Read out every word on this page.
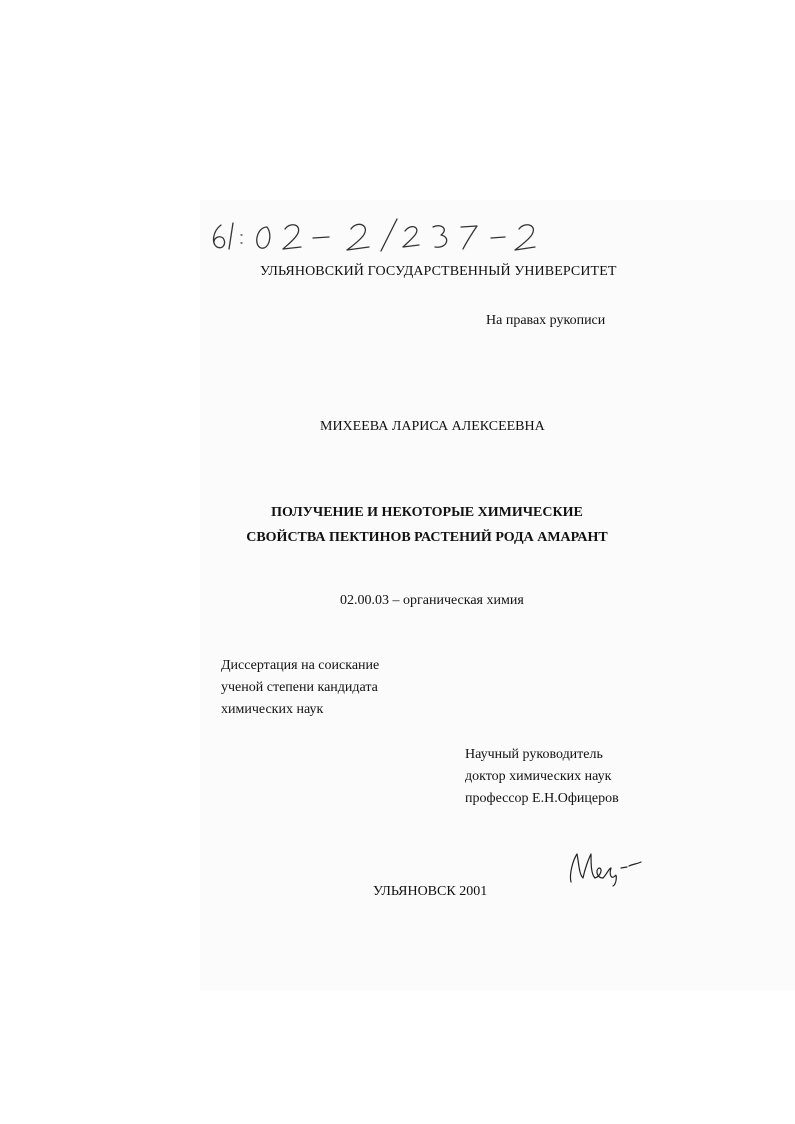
УЛЬЯНОВСКИЙ ГОСУДАРСТВЕННЫЙ УНИВЕРСИТЕТ
На правах рукописи
МИХЕЕВА ЛАРИСА АЛЕКСЕЕВНА
ПОЛУЧЕНИЕ И НЕКОТОРЫЕ ХИМИЧЕСКИЕ
СВОЙСТВА ПЕКТИНОВ РАСТЕНИЙ РОДА АМАРАНТ
02.00.03 – органическая химия
Диссертация на соискание
ученой степени кандидата
химических наук
Научный руководитель
доктор химических наук
профессор Е.Н.Офицеров
УЛЬЯНОВСК 2001
